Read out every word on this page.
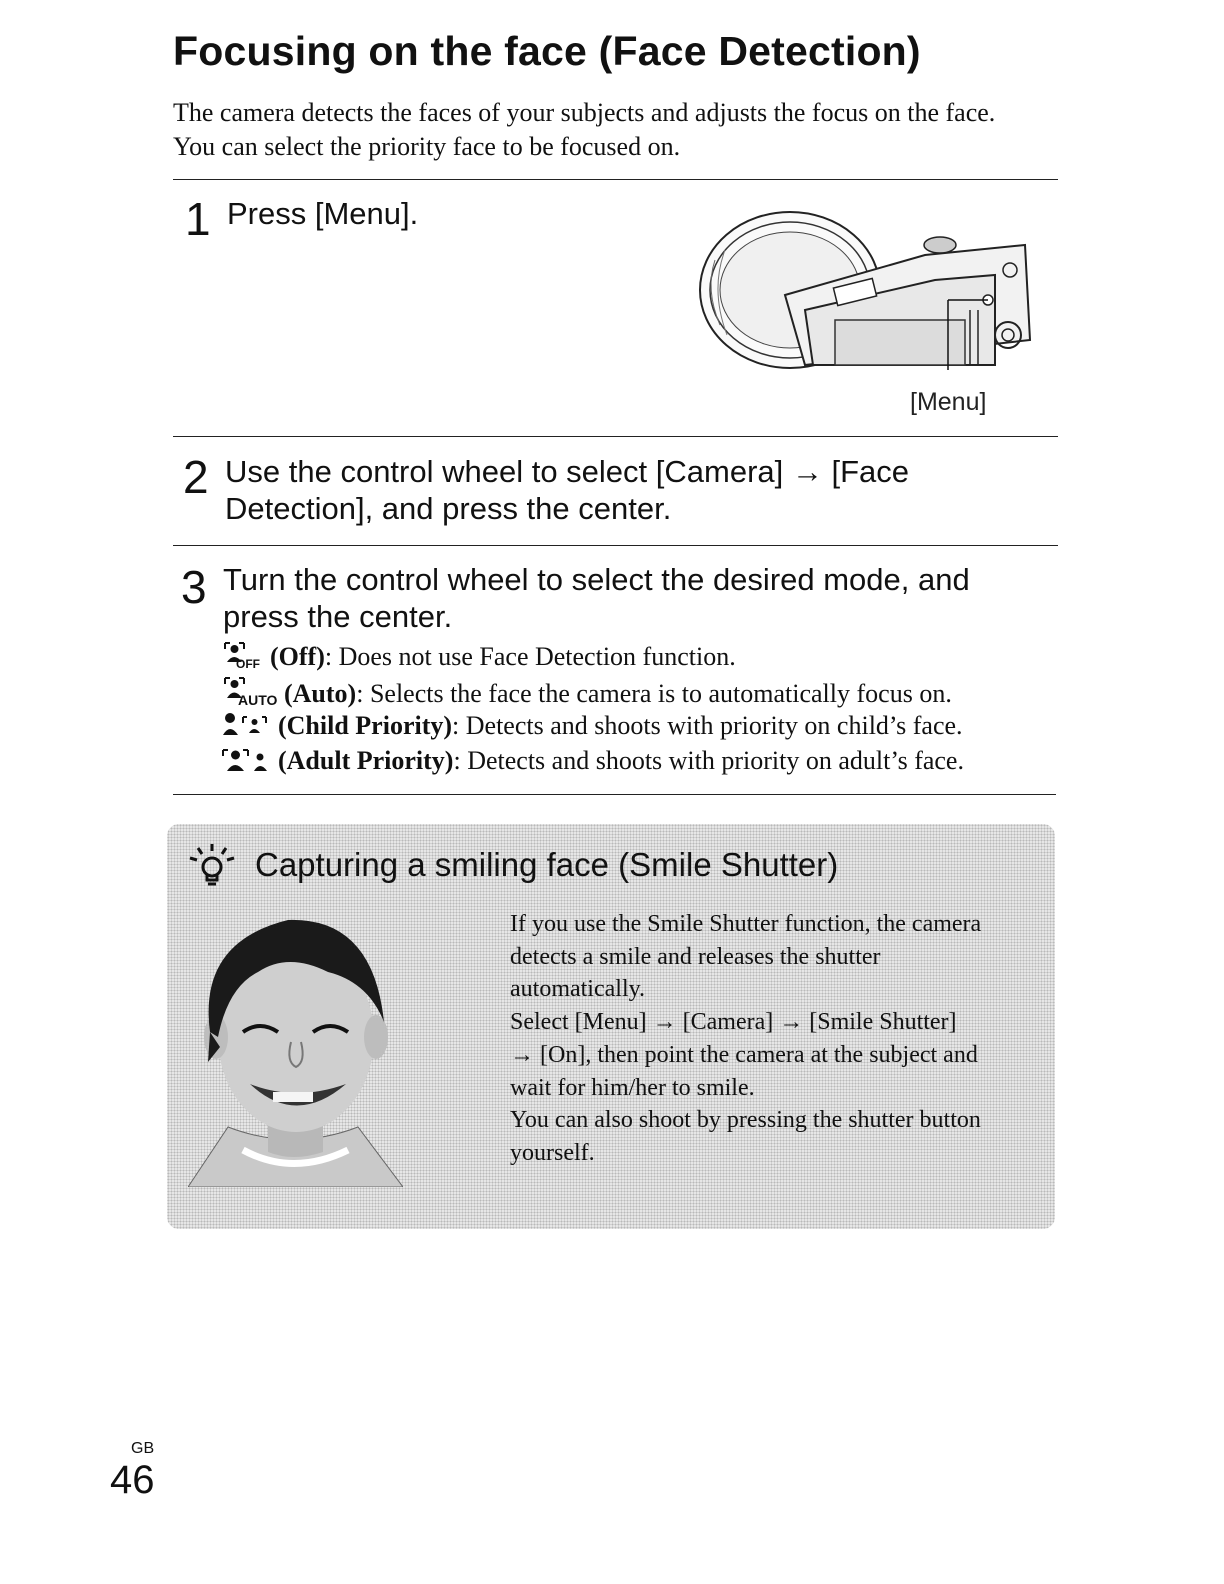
Focusing on the face (Face Detection)
The camera detects the faces of your subjects and adjusts the focus on the face.
You can select the priority face to be focused on.
1 Press [Menu].
[Menu]
2 Use the control wheel to select [Camera] → [Face
Detection], and press the center.
3 Turn the control wheel to select the desired mode, and
press the center.
OFF (Off): Does not use Face Detection function.
AUTO (Auto): Selects the face the camera is to automatically focus on.
(Child Priority): Detects and shoots with priority on child’s face.
(Adult Priority): Detects and shoots with priority on adult’s face.
Capturing a smiling face (Smile Shutter)
If you use the Smile Shutter function, the camera
detects a smile and releases the shutter
automatically.
Select [Menu] → [Camera] → [Smile Shutter]
→ [On], then point the camera at the subject and
wait for him/her to smile.
You can also shoot by pressing the shutter button
yourself.
GB
46
